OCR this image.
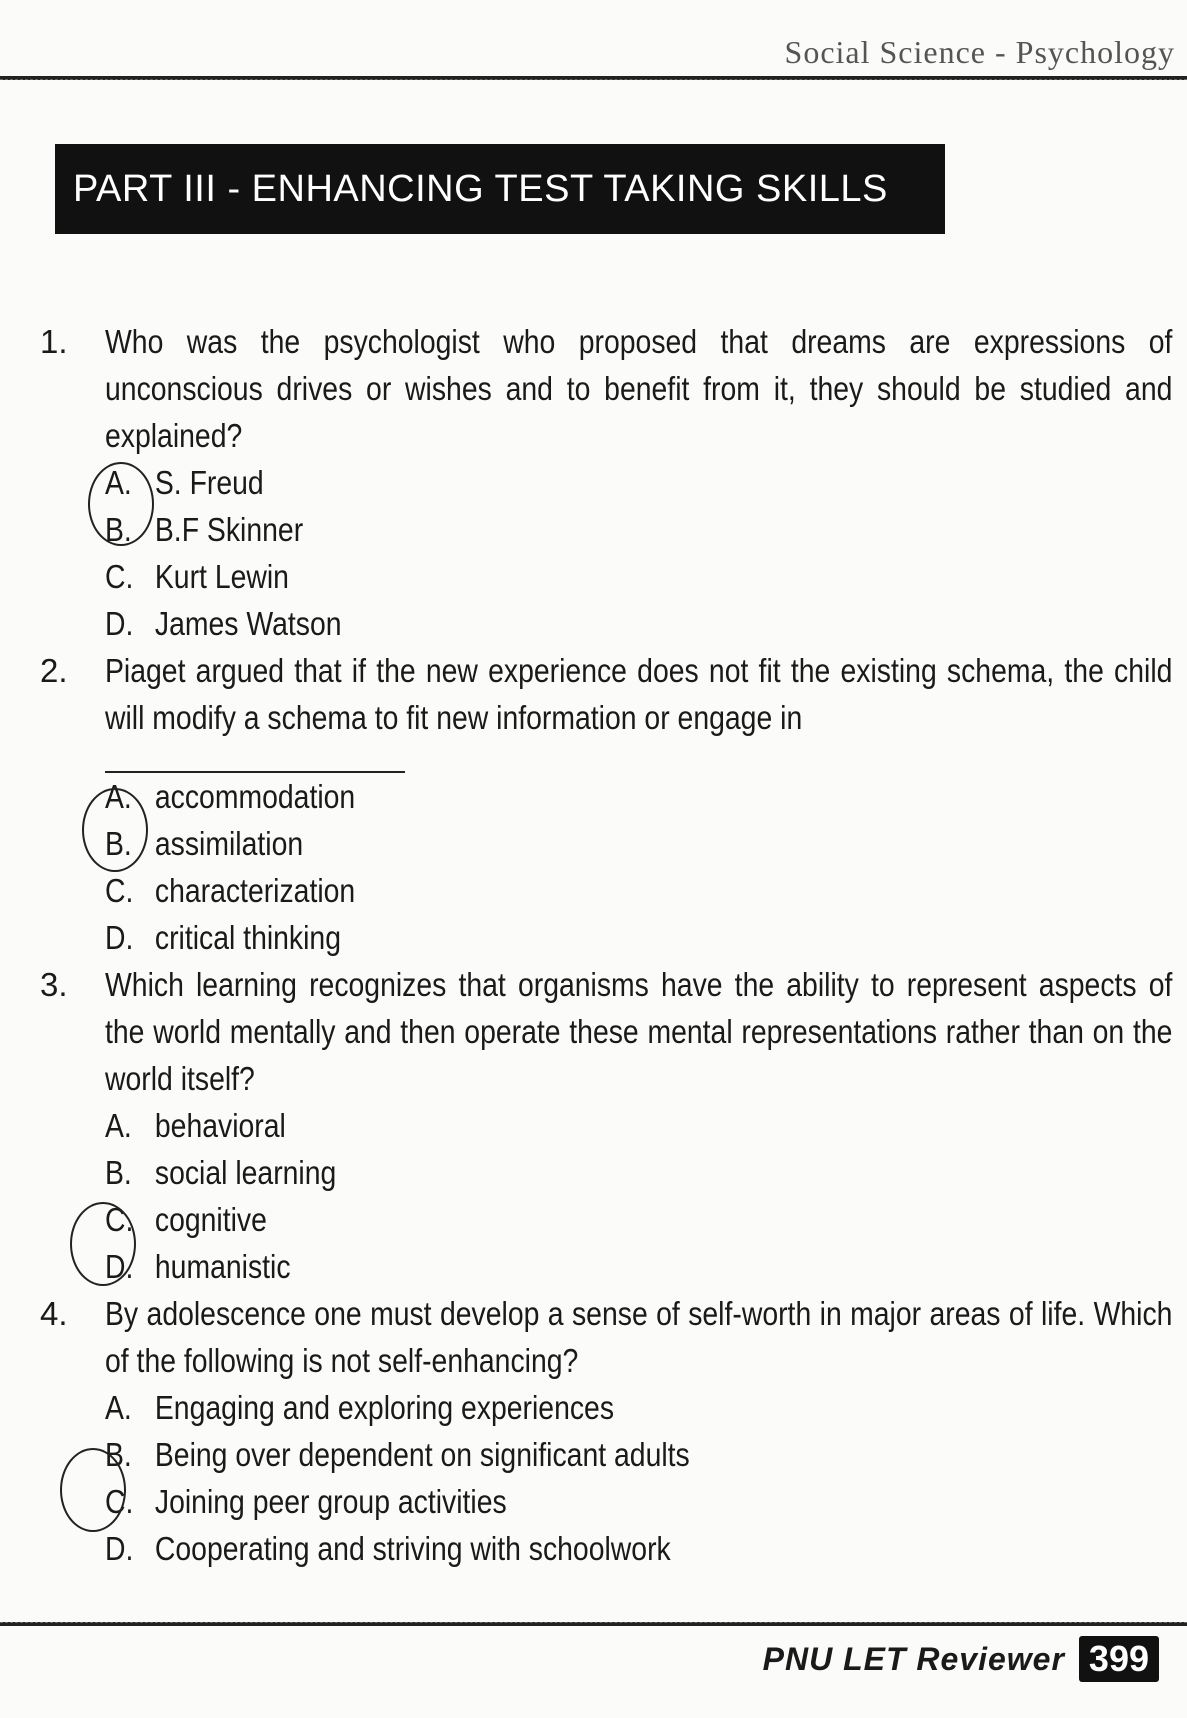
Social Science - Psychology
PART III - ENHANCING TEST TAKING SKILLS
1.	Who was the psychologist who proposed that dreams are expressions of unconscious drives or wishes and to benefit from it, they should be studied and explained?
A. S. Freud
B. B.F Skinner
C. Kurt Lewin
D. James Watson
2.	Piaget argued that if the new experience does not fit the existing schema, the child will modify a schema to fit new information or engage in
A. accommodation
B. assimilation
C. characterization
D. critical thinking
3.	Which learning recognizes that organisms have the ability to represent aspects of the world mentally and then operate these mental representations rather than on the world itself?
A. behavioral
B. social learning
C. cognitive
D. humanistic
4.	By adolescence one must develop a sense of self-worth in major areas of life. Which of the following is not self-enhancing?
A. Engaging and exploring experiences
B. Being over dependent on significant adults
C. Joining peer group activities
D. Cooperating and striving with schoolwork
PNU LET Reviewer 399
